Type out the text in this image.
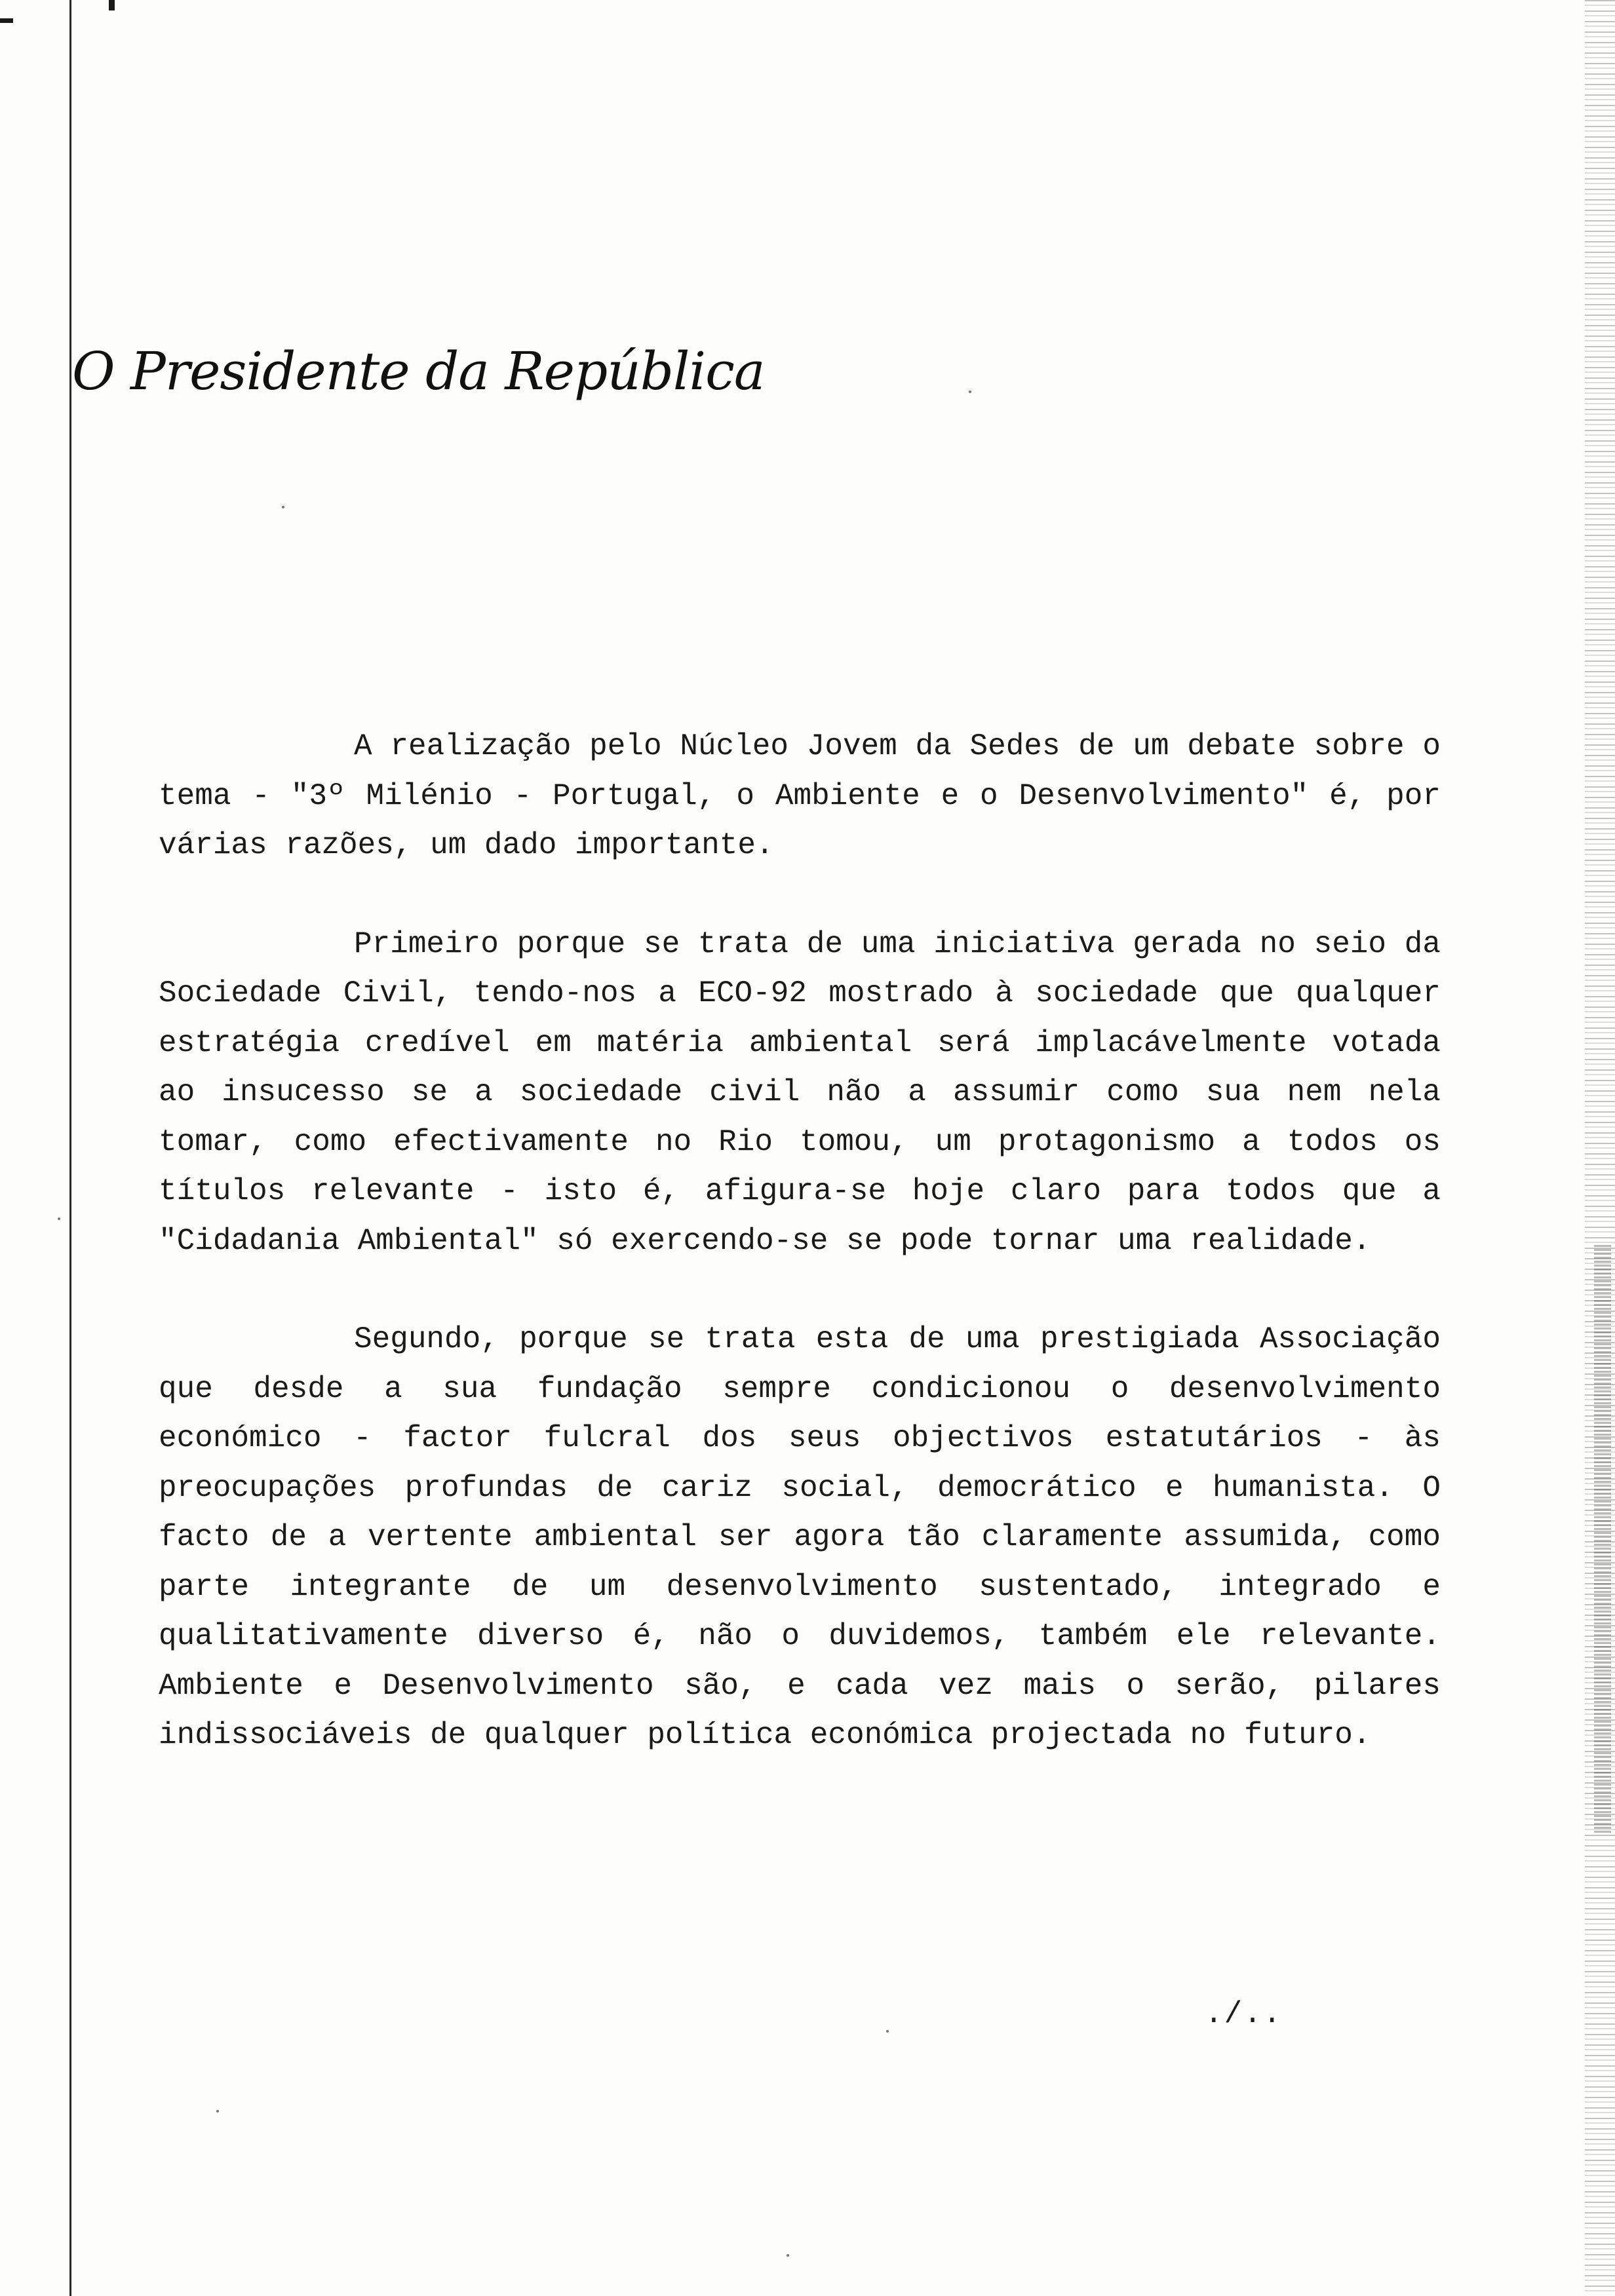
O Presidente da República

A realização pelo Núcleo Jovem da Sedes de um debate sobre o tema - "3º Milénio - Portugal, o Ambiente e o Desenvolvimento" é, por várias razões, um dado importante.

Primeiro porque se trata de uma iniciativa gerada no seio da Sociedade Civil, tendo-nos a ECO-92 mostrado à sociedade que qualquer estratégia credível em matéria ambiental será implacávelmente votada ao insucesso se a sociedade civil não a assumir como sua nem nela tomar, como efectivamente no Rio tomou, um protagonismo a todos os títulos relevante - isto é, afigura-se hoje claro para todos que a "Cidadania Ambiental" só exercendo-se se pode tornar uma realidade.

Segundo, porque se trata esta de uma prestigiada Associação que desde a sua fundação sempre condicionou o desenvolvimento económico - factor fulcral dos seus objectivos estatutários - às preocupações profundas de cariz social, democrático e humanista. O facto de a vertente ambiental ser agora tão claramente assumida, como parte integrante de um desenvolvimento sustentado, integrado e qualitativamente diverso é, não o duvidemos, também ele relevante. Ambiente e Desenvolvimento são, e cada vez mais o serão, pilares indissociáveis de qualquer política económica projectada no futuro.

./..
